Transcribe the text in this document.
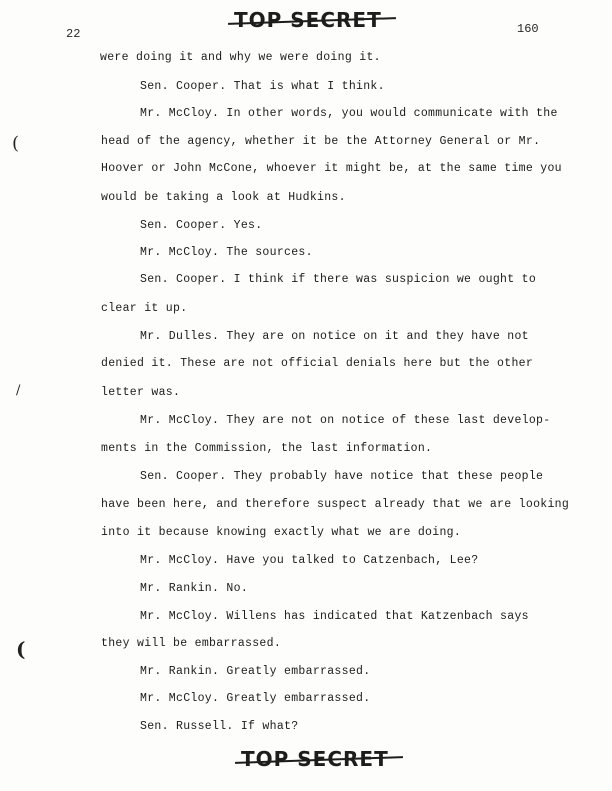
22	160
TOP SECRET
were doing it and why we were doing it.
Sen. Cooper. That is what I think.
Mr. McCloy. In other words, you would communicate with the
head of the agency, whether it be the Attorney General or Mr.
Hoover or John McCone, whoever it might be, at the same time you
would be taking a look at Hudkins.
Sen. Cooper. Yes.
Mr. McCloy. The sources.
Sen. Cooper. I think if there was suspicion we ought to
clear it up.
Mr. Dulles. They are on notice on it and they have not
denied it. These are not official denials here but the other
letter was.
Mr. McCloy. They are not on notice of these last develop-
ments in the Commission, the last information.
Sen. Cooper. They probably have notice that these people
have been here, and therefore suspect already that we are looking
into it because knowing exactly what we are doing.
Mr. McCloy. Have you talked to Catzenbach, Lee?
Mr. Rankin. No.
Mr. McCloy. Willens has indicated that Katzenbach says
they will be embarrassed.
Mr. Rankin. Greatly embarrassed.
Mr. McCloy. Greatly embarrassed.
Sen. Russell. If what?
(
/
(
TOP SECRET
